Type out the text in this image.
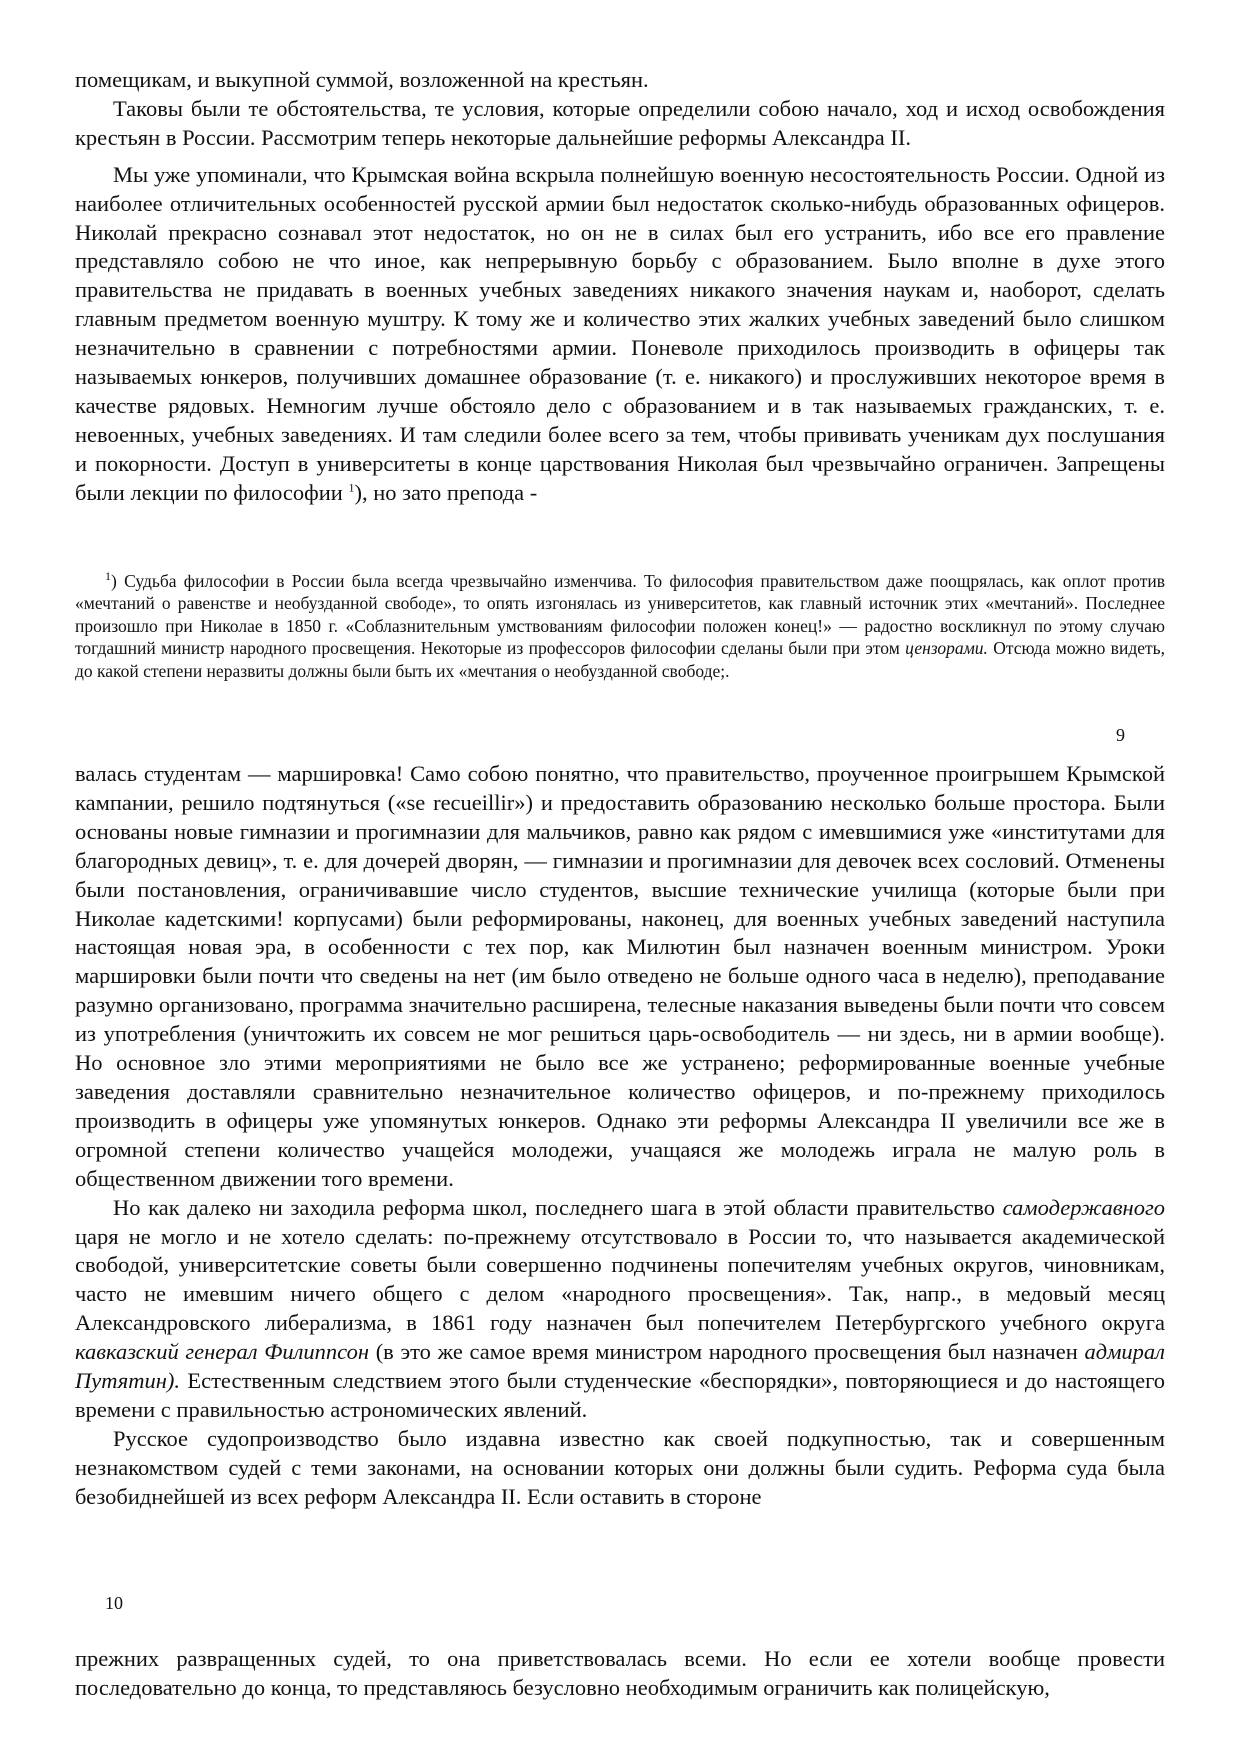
помещикам, и выкупной суммой, возложенной на крестьян.

Таковы были те обстоятельства, те условия, которые определили собою начало, ход и исход освобождения крестьян в России. Рассмотрим теперь некоторые дальнейшие реформы Александра II.

Мы уже упоминали, что Крымская война вскрыла полнейшую военную несостоятельность России. Одной из наиболее отличительных особенностей русской армии был недостаток сколько-нибудь образованных офицеров. Николай прекрасно сознавал этот недостаток, но он не в силах был его устранить, ибо все его правление представляло собою не что иное, как непрерывную борьбу с образованием. Было вполне в духе этого правительства не придавать в военных учебных заведениях никакого значения наукам и, наоборот, сделать главным предметом военную муштру. К тому же и количество этих жалких учебных заведений было слишком незначительно в сравнении с потребностями армии. Поневоле приходилось производить в офицеры так называемых юнкеров, получивших домашнее образование (т. е. никакого) и прослуживших некоторое время в качестве рядовых. Немногим лучше обстояло дело с образованием и в так называемых гражданских, т. е. невоенных, учебных заведениях. И там следили более всего за тем, чтобы прививать ученикам дух послушания и покорности. Доступ в университеты в конце царствования Николая был чрезвычайно ограничен. Запрещены были лекции по философии $^1$), но зато препода -

$^1$) Судьба философии в России была всегда чрезвычайно изменчива. То философия правительством даже поощрялась, как оплот против «мечтаний о равенстве и необузданной свободе», то опять изгонялась из университетов, как главный источник этих «мечтаний». Последнее произошло при Николае в 1850 г. «Соблазнительным умствованиям философии положен конец!» — радостно воскликнул по этому случаю тогдашний министр народного просвещения. Некоторые из профессоров философии сделаны были при этом цензорами. Отсюда можно видеть, до какой степени неразвиты должны были быть их «мечтания о необузданной свободе;.

9

валась студентам — маршировка! Само собою понятно, что правительство, проученное проигрышем Крымской кампании, решило подтянуться («se recueillir») и предоставить образованию несколько больше простора. Были основаны новые гимназии и прогимназии для мальчиков, равно как рядом с имевшимися уже «институтами для благородных девиц», т. е. для дочерей дворян, — гимназии и прогимназии для девочек всех сословий. Отменены были постановления, ограничивавшие число студентов, высшие технические училища (которые были при Николае кадетскими! корпусами) были реформированы, наконец, для военных учебных заведений наступила настоящая новая эра, в особенности с тех пор, как Милютин был назначен военным министром. Уроки маршировки были почти что сведены на нет (им было отведено не больше одного часа в неделю), преподавание разумно организовано, программа значительно расширена, телесные наказания выведены были почти что совсем из употребления (уничтожить их совсем не мог решиться царь-освободитель — ни здесь, ни в армии вообще). Но основное зло этими мероприятиями не было все же устранено; реформированные военные учебные заведения доставляли сравнительно незначительное количество офицеров, и по-прежнему приходилось производить в офицеры уже упомянутых юнкеров. Однако эти реформы Александра II увеличили все же в огромной степени количество учащейся молодежи, учащаяся же молодежь играла не малую роль в общественном движении того времени.

Но как далеко ни заходила реформа школ, последнего шага в этой области правительство самодержавного царя не могло и не хотело сделать: по-прежнему отсутствовало в России то, что называется академической свободой, университетские советы были совершенно подчинены попечителям учебных округов, чиновникам, часто не имевшим ничего общего с делом «народного просвещения». Так, напр., в медовый месяц Александровского либерализма, в 1861 году назначен был попечителем Петербургского учебного округа кавказский генерал Филиппсон (в это же самое время министром народного просвещения был назначен адмирал Путятин). Естественным следствием этого были студенческие «беспорядки», повторяющиеся и до настоящего времени с правильностью астрономических явлений.

Русское судопроизводство было издавна известно как своей подкупностью, так и совершенным незнакомством судей с теми законами, на основании которых они должны были судить. Реформа суда была безобиднейшей из всех реформ Александра II. Если оставить в стороне

10

прежних развращенных судей, то она приветствовалась всеми. Но если ее хотели вообще провести последовательно до конца, то представляюсь безусловно необходимым ограничить как полицейскую,
